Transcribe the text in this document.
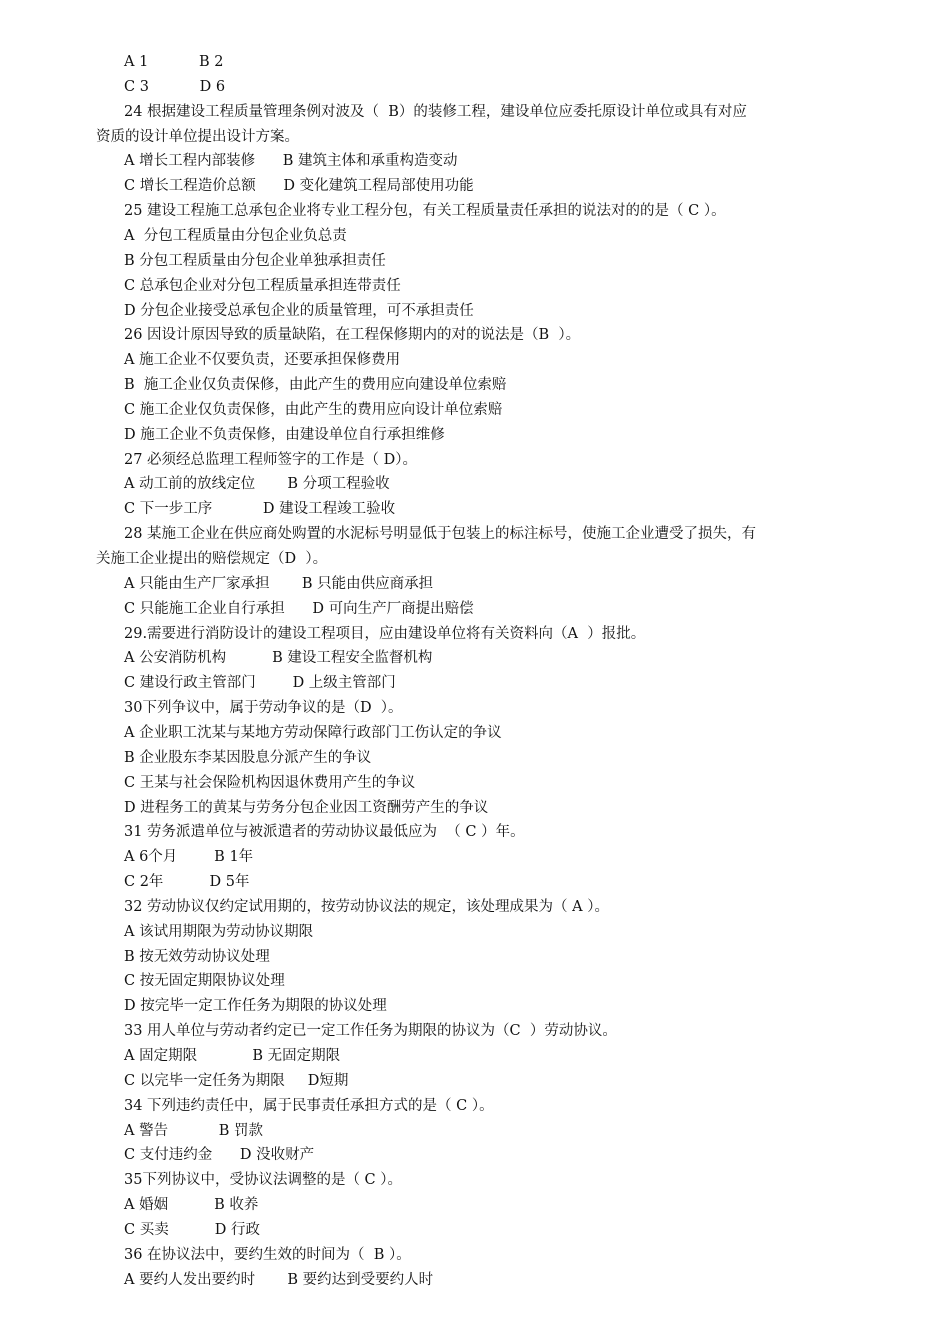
A 1           B 2
C 3           D 6
24 根据建设工程质量管理条例对波及（  B）的装修工程，建设单位应委托原设计单位或具有对应
资质的设计单位提出设计方案。
A 增长工程内部装修      B 建筑主体和承重构造变动
C 增长工程造价总额      D 变化建筑工程局部使用功能
25 建设工程施工总承包企业将专业工程分包，有关工程质量责任承担的说法对的的是（ C ）。
A  分包工程质量由分包企业负总责
B 分包工程质量由分包企业单独承担责任
C 总承包企业对分包工程质量承担连带责任
D 分包企业接受总承包企业的质量管理，可不承担责任
26 因设计原因导致的质量缺陷，在工程保修期内的对的说法是（B  ）。
A 施工企业不仅要负责，还要承担保修费用
B  施工企业仅负责保修，由此产生的费用应向建设单位索赔
C 施工企业仅负责保修，由此产生的费用应向设计单位索赔
D 施工企业不负责保修，由建设单位自行承担维修
27 必须经总监理工程师签字的工作是（ D）。
A 动工前的放线定位       B 分项工程验收
C 下一步工序           D 建设工程竣工验收
28 某施工企业在供应商处购置的水泥标号明显低于包装上的标注标号，使施工企业遭受了损失，有
关施工企业提出的赔偿规定（D  ）。
A 只能由生产厂家承担       B 只能由供应商承担
C 只能施工企业自行承担      D 可向生产厂商提出赔偿
29.需要进行消防设计的建设工程项目，应由建设单位将有关资料向（A  ）报批。
A 公安消防机构          B 建设工程安全监督机构
C 建设行政主管部门        D 上级主管部门
30下列争议中，属于劳动争议的是（D  ）。
A 企业职工沈某与某地方劳动保障行政部门工伤认定的争议
B 企业股东李某因股息分派产生的争议
C 王某与社会保险机构因退休费用产生的争议
D 进程务工的黄某与劳务分包企业因工资酬劳产生的争议
31 劳务派遣单位与被派遣者的劳动协议最低应为  （ C ）年。
A 6个月        B 1年
C 2年          D 5年
32 劳动协议仅约定试用期的，按劳动协议法的规定，该处理成果为（ A ）。
A 该试用期限为劳动协议期限
B 按无效劳动协议处理
C 按无固定期限协议处理
D 按完毕一定工作任务为期限的协议处理
33 用人单位与劳动者约定已一定工作任务为期限的协议为（C  ）劳动协议。
A 固定期限            B 无固定期限
C 以完毕一定任务为期限     D短期
34 下列违约责任中，属于民事责任承担方式的是（ C ）。
A 警告           B 罚款
C 支付违约金      D 没收财产
35下列协议中，受协议法调整的是（ C ）。
A 婚姻          B 收养
C 买卖          D 行政
36 在协议法中，要约生效的时间为（  B ）。
A 要约人发出要约时       B 要约达到受要约人时
